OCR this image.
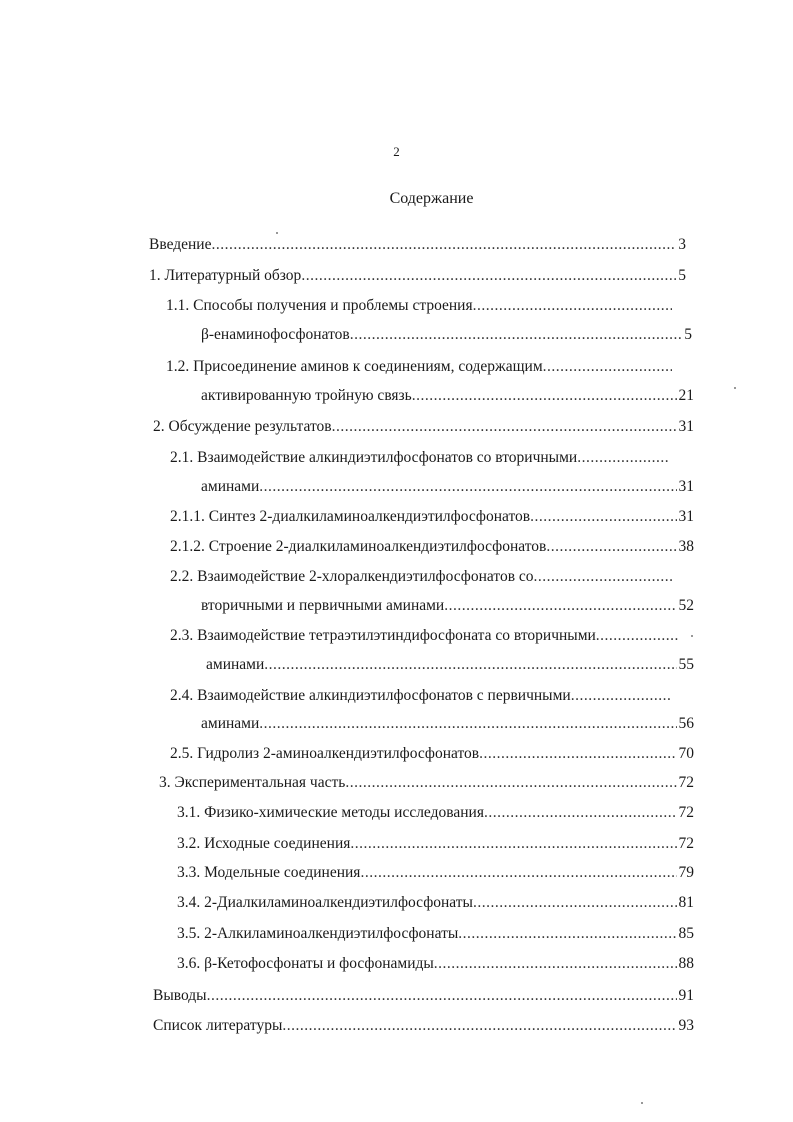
2
Содержание
Введение .....	3
1. Литературный обзор .....	5
1.1. Способы получения и проблемы строения
.....
β-енаминофосфонатов .....	5
1.2. Присоединение аминов к соединениям, содержащим
.....
активированную тройную связь .....	21
2. Обсуждение результатов .....	31
2.1. Взаимодействие алкиндиэтилфосфонатов со вторичными
.....
аминами .....	31
2.1.1. Синтез 2-диалкиламиноалкендиэтилфосфонатов .....	31
2.1.2. Строение 2-диалкиламиноалкендиэтилфосфонатов .....	38
2.2. Взаимодействие 2-хлоралкендиэтилфосфонатов со
.....
вторичными и первичными аминами .....	52
2.3. Взаимодействие тетраэтилэтиндифосфоната со вторичными
.....
аминами .....	55
2.4. Взаимодействие алкиндиэтилфосфонатов с первичными
.....
аминами .....	56
2.5. Гидролиз 2-аминоалкендиэтилфосфонатов .....	70
3. Экспериментальная часть .....	72
3.1. Физико-химические методы исследования .....	72
3.2. Исходные соединения .....	72
3.3. Модельные соединения .....	79
3.4. 2-Диалкиламиноалкендиэтилфосфонаты .....	81
3.5. 2-Алкиламиноалкендиэтилфосфонаты .....	85
3.6. β-Кетофосфонаты и фосфонамиды .....	88
Выводы .....	91
Список литературы .....	93
